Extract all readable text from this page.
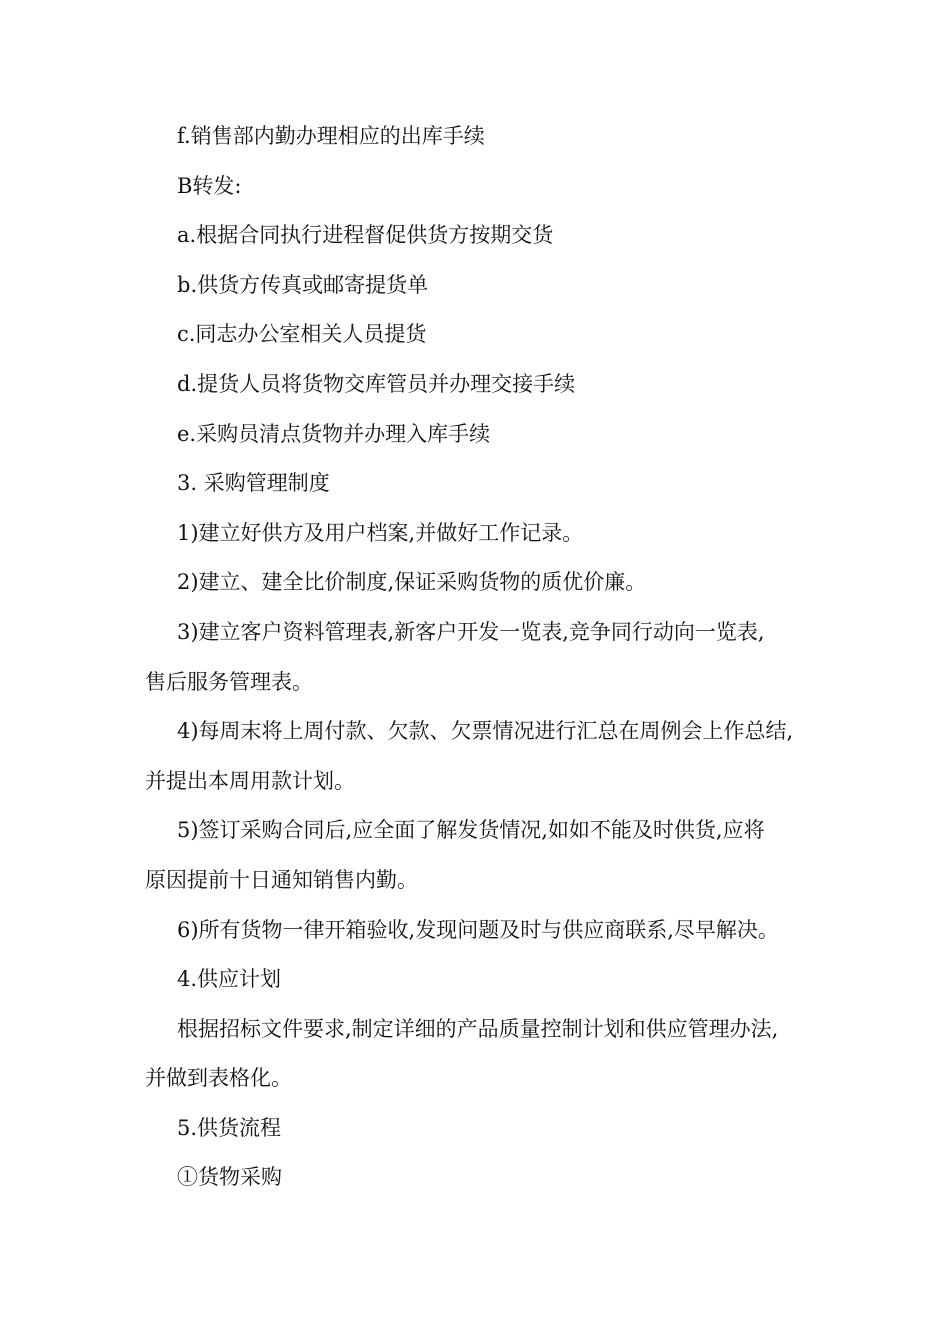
f.销售部内勤办理相应的出库手续

B转发:

a.根据合同执行进程督促供货方按期交货

b.供货方传真或邮寄提货单

c.同志办公室相关人员提货

d.提货人员将货物交库管员并办理交接手续

e.采购员清点货物并办理入库手续

3. 采购管理制度

1)建立好供方及用户档案,并做好工作记录。

2)建立、建全比价制度,保证采购货物的质优价廉。

3)建立客户资料管理表,新客户开发一览表,竞争同行动向一览表,

售后服务管理表。

4)每周末将上周付款、欠款、欠票情况进行汇总在周例会上作总结,

并提出本周用款计划。

5)签订采购合同后,应全面了解发货情况,如如不能及时供货,应将

原因提前十日通知销售内勤。

6)所有货物一律开箱验收,发现问题及时与供应商联系,尽早解决。

4.供应计划

根据招标文件要求,制定详细的产品质量控制计划和供应管理办法,

并做到表格化。

5.供货流程

①货物采购
